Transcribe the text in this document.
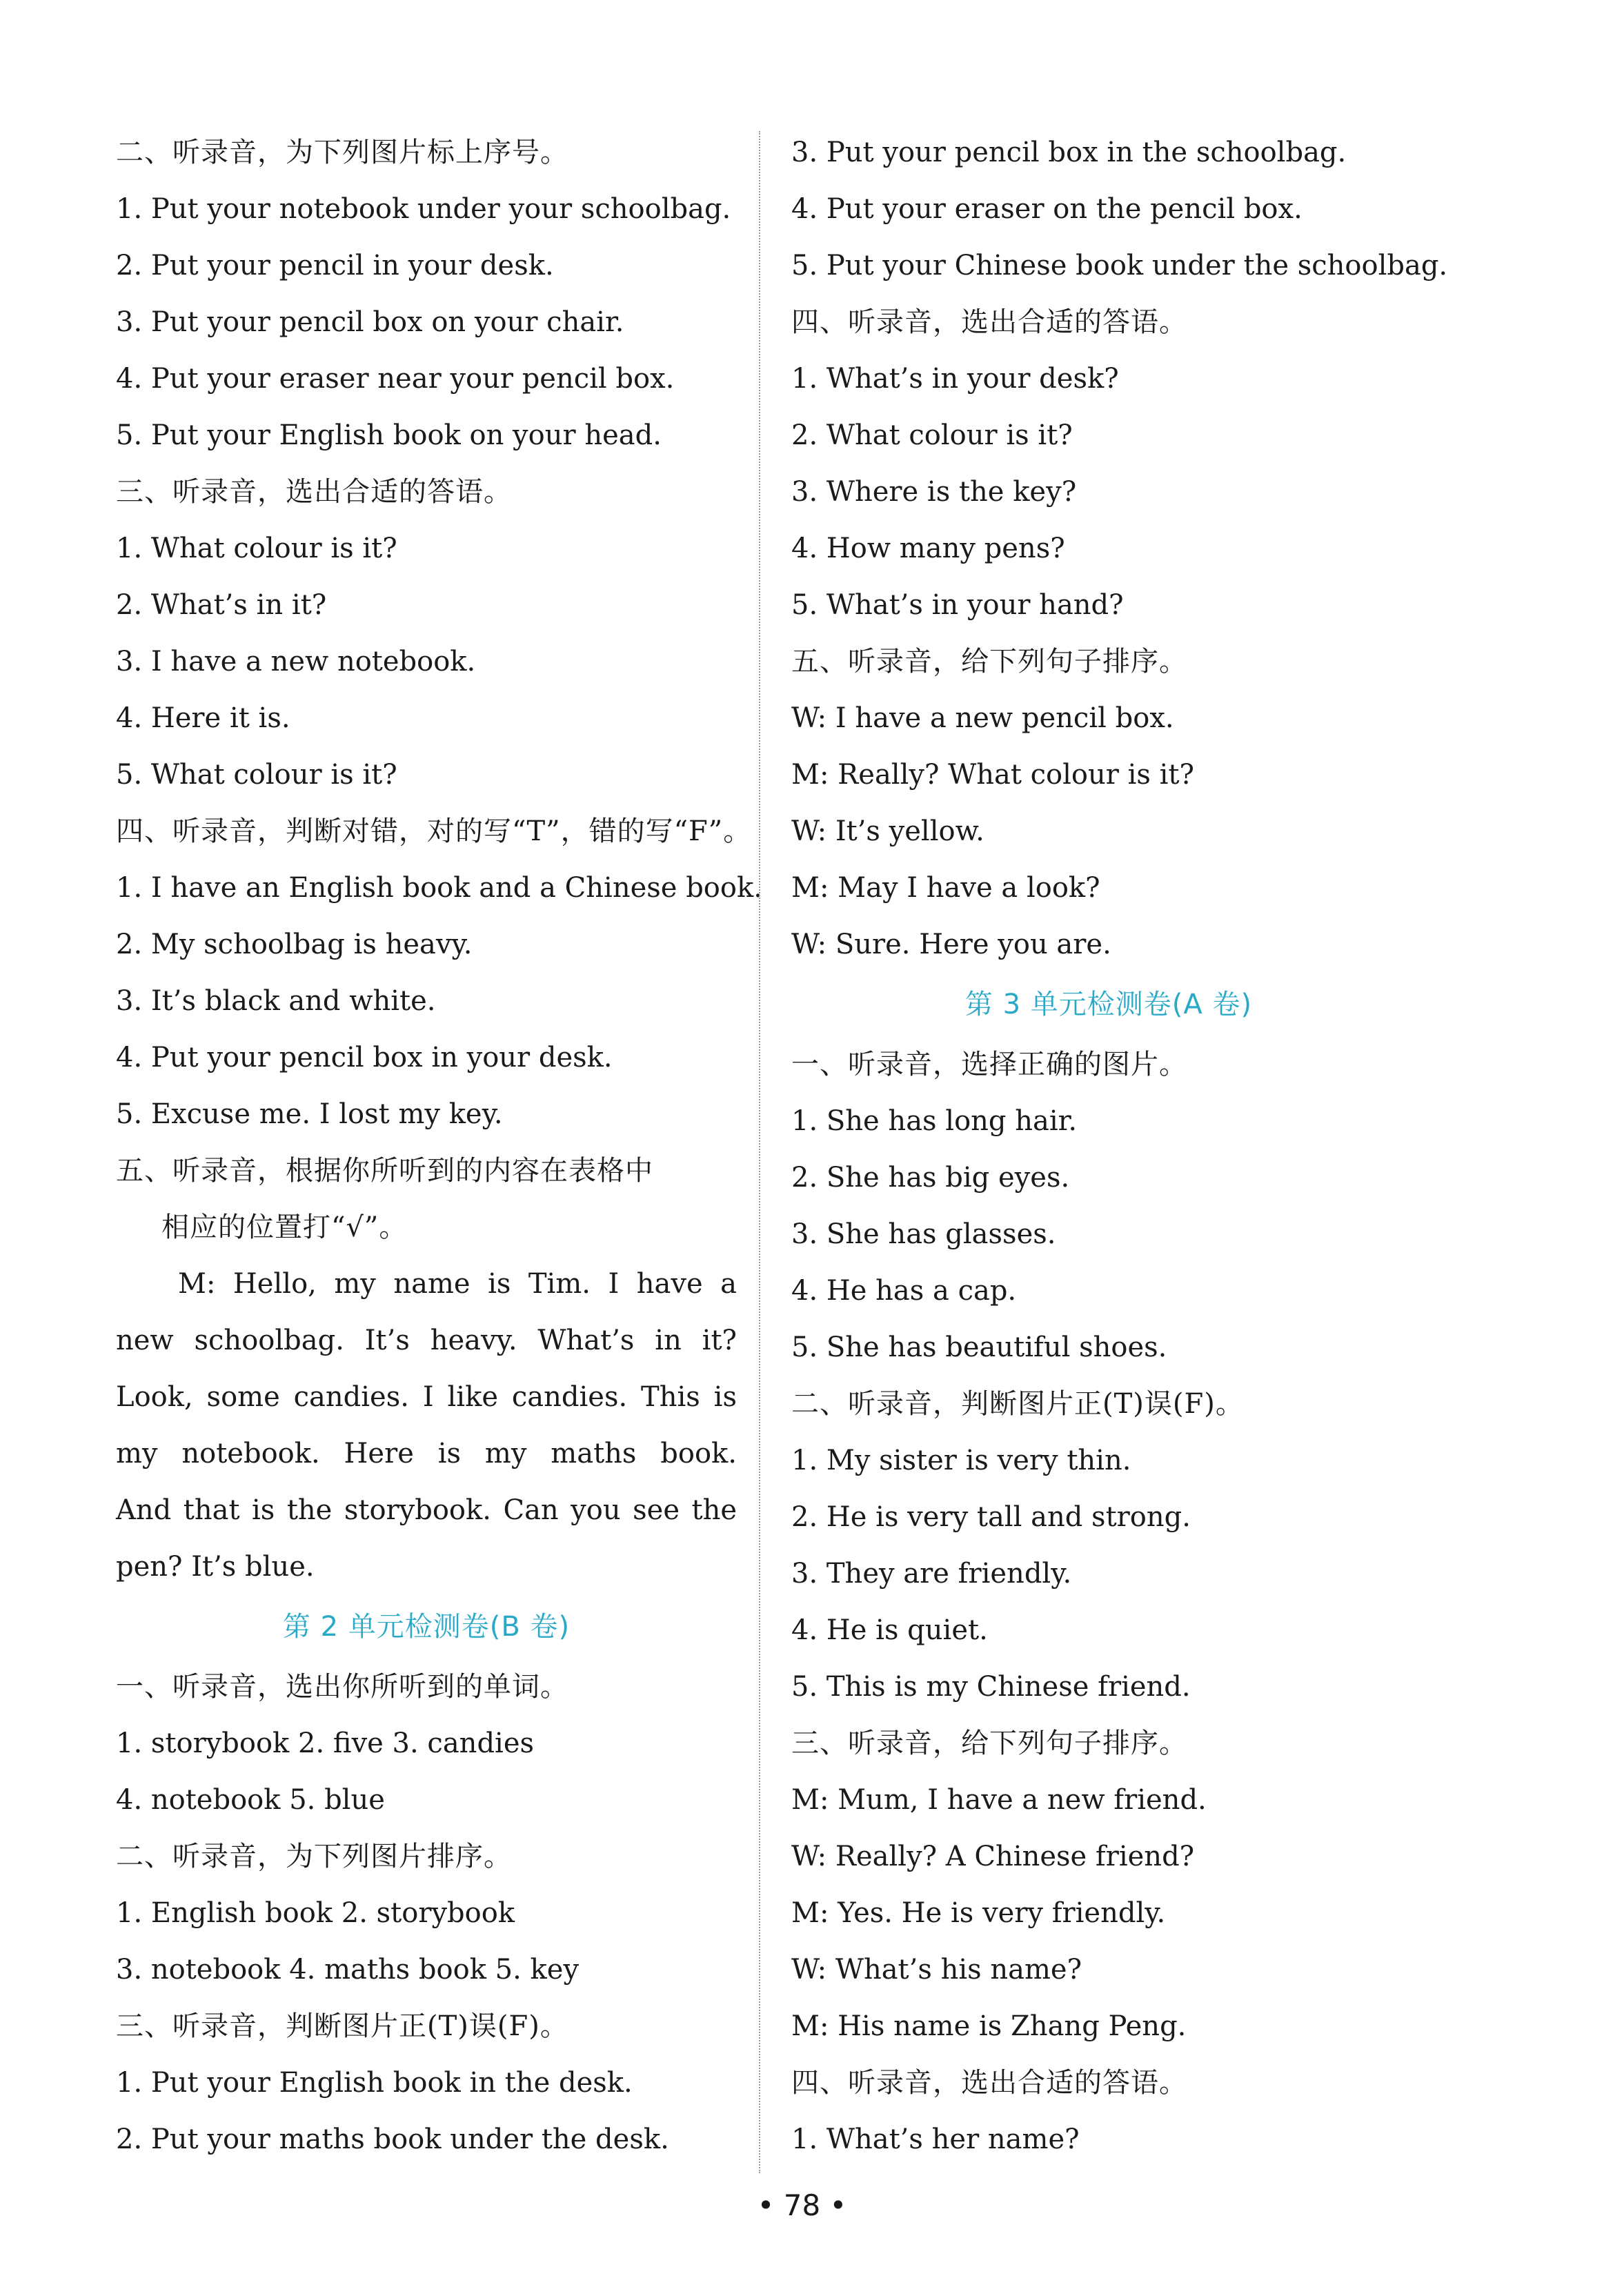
二、听录音，为下列图片标上序号。
1. Put your notebook under your schoolbag.
2. Put your pencil in your desk.
3. Put your pencil box on your chair.
4. Put your eraser near your pencil box.
5. Put your English book on your head.
三、听录音，选出合适的答语。
1. What colour is it?
2. What’s in it?
3. I have a new notebook.
4. Here it is.
5. What colour is it?
四、听录音，判断对错，对的写“T”，错的写“F”。
1. I have an English book and a Chinese book.
2. My schoolbag is heavy.
3. It’s black and white.
4. Put your pencil box in your desk.
5. Excuse me. I lost my key.
五、听录音，根据你所听到的内容在表格中
相应的位置打“√”。
M: Hello, my name is Tim. I have a
new schoolbag. It’s heavy. What’s in it?
Look, some candies. I like candies. This is
my notebook. Here is my maths book.
And that is the storybook. Can you see the
pen? It’s blue.
第 2 单元检测卷(B 卷)
一、听录音，选出你所听到的单词。
1. storybook 2. five 3. candies
4. notebook 5. blue
二、听录音，为下列图片排序。
1. English book 2. storybook
3. notebook 4. maths book 5. key
三、听录音，判断图片正(T)误(F)。
1. Put your English book in the desk.
2. Put your maths book under the desk.
3. Put your pencil box in the schoolbag.
4. Put your eraser on the pencil box.
5. Put your Chinese book under the schoolbag.
四、听录音，选出合适的答语。
1. What’s in your desk?
2. What colour is it?
3. Where is the key?
4. How many pens?
5. What’s in your hand?
五、听录音，给下列句子排序。
W: I have a new pencil box.
M: Really? What colour is it?
W: It’s yellow.
M: May I have a look?
W: Sure. Here you are.
第 3 单元检测卷(A 卷)
一、听录音，选择正确的图片。
1. She has long hair.
2. She has big eyes.
3. She has glasses.
4. He has a cap.
5. She has beautiful shoes.
二、听录音，判断图片正(T)误(F)。
1. My sister is very thin.
2. He is very tall and strong.
3. They are friendly.
4. He is quiet.
5. This is my Chinese friend.
三、听录音，给下列句子排序。
M: Mum, I have a new friend.
W: Really? A Chinese friend?
M: Yes. He is very friendly.
W: What’s his name?
M: His name is Zhang Peng.
四、听录音，选出合适的答语。
1. What’s her name?
• 78 •
